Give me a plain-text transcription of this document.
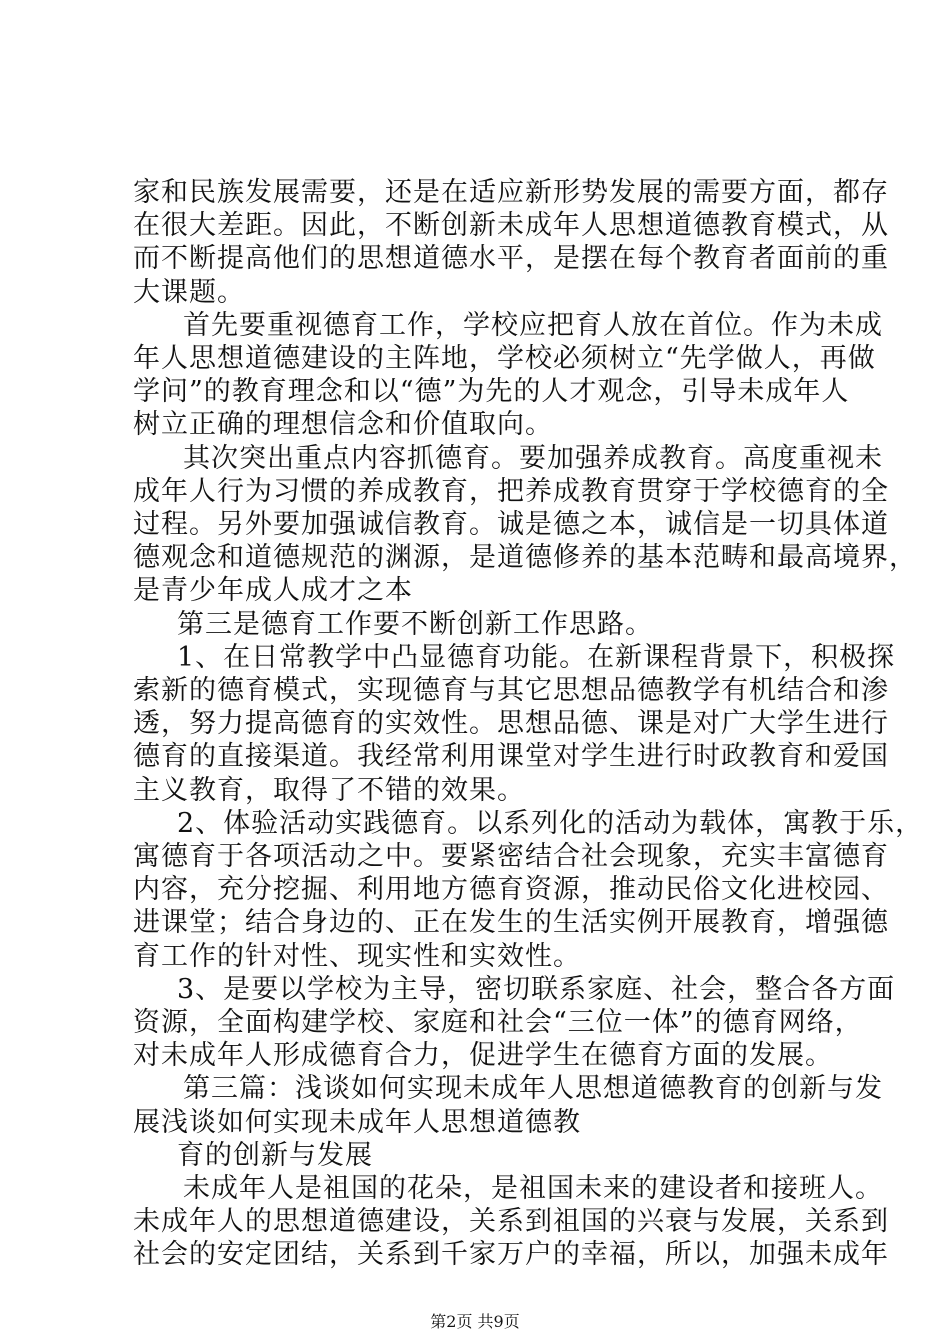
家和民族发展需要，还是在适应新形势发展的需要方面，都存
在很大差距。因此，不断创新未成年人思想道德教育模式，从
而不断提高他们的思想道德水平，是摆在每个教育者面前的重
大课题。
首先要重视德育工作，学校应把育人放在首位。作为未成
年人思想道德建设的主阵地，学校必须树立“先学做人，再做
学问”的教育理念和以“德”为先的人才观念，引导未成年人
树立正确的理想信念和价值取向。
其次突出重点内容抓德育。要加强养成教育。高度重视未
成年人行为习惯的养成教育，把养成教育贯穿于学校德育的全
过程。另外要加强诚信教育。诚是德之本，诚信是一切具体道
德观念和道德规范的渊源，是道德修养的基本范畴和最高境界，
是青少年成人成才之本
第三是德育工作要不断创新工作思路。
1、在日常教学中凸显德育功能。在新课程背景下，积极探
索新的德育模式，实现德育与其它思想品德教学有机结合和渗
透，努力提高德育的实效性。思想品德、课是对广大学生进行
德育的直接渠道。我经常利用课堂对学生进行时政教育和爱国
主义教育，取得了不错的效果。
2、体验活动实践德育。以系列化的活动为载体，寓教于乐，
寓德育于各项活动之中。要紧密结合社会现象，充实丰富德育
内容，充分挖掘、利用地方德育资源，推动民俗文化进校园、
进课堂；结合身边的、正在发生的生活实例开展教育，增强德
育工作的针对性、现实性和实效性。
3、是要以学校为主导，密切联系家庭、社会，整合各方面
资源，全面构建学校、家庭和社会“三位一体”的德育网络，
对未成年人形成德育合力，促进学生在德育方面的发展。
第三篇：浅谈如何实现未成年人思想道德教育的创新与发
展浅谈如何实现未成年人思想道德教
育的创新与发展
未成年人是祖国的花朵，是祖国未来的建设者和接班人。
第2页 共9页
未成年人的思想道德建设，关系到祖国的兴衰与发展，关系到
社会的安定团结，关系到千家万户的幸福，所以，加强未成年
